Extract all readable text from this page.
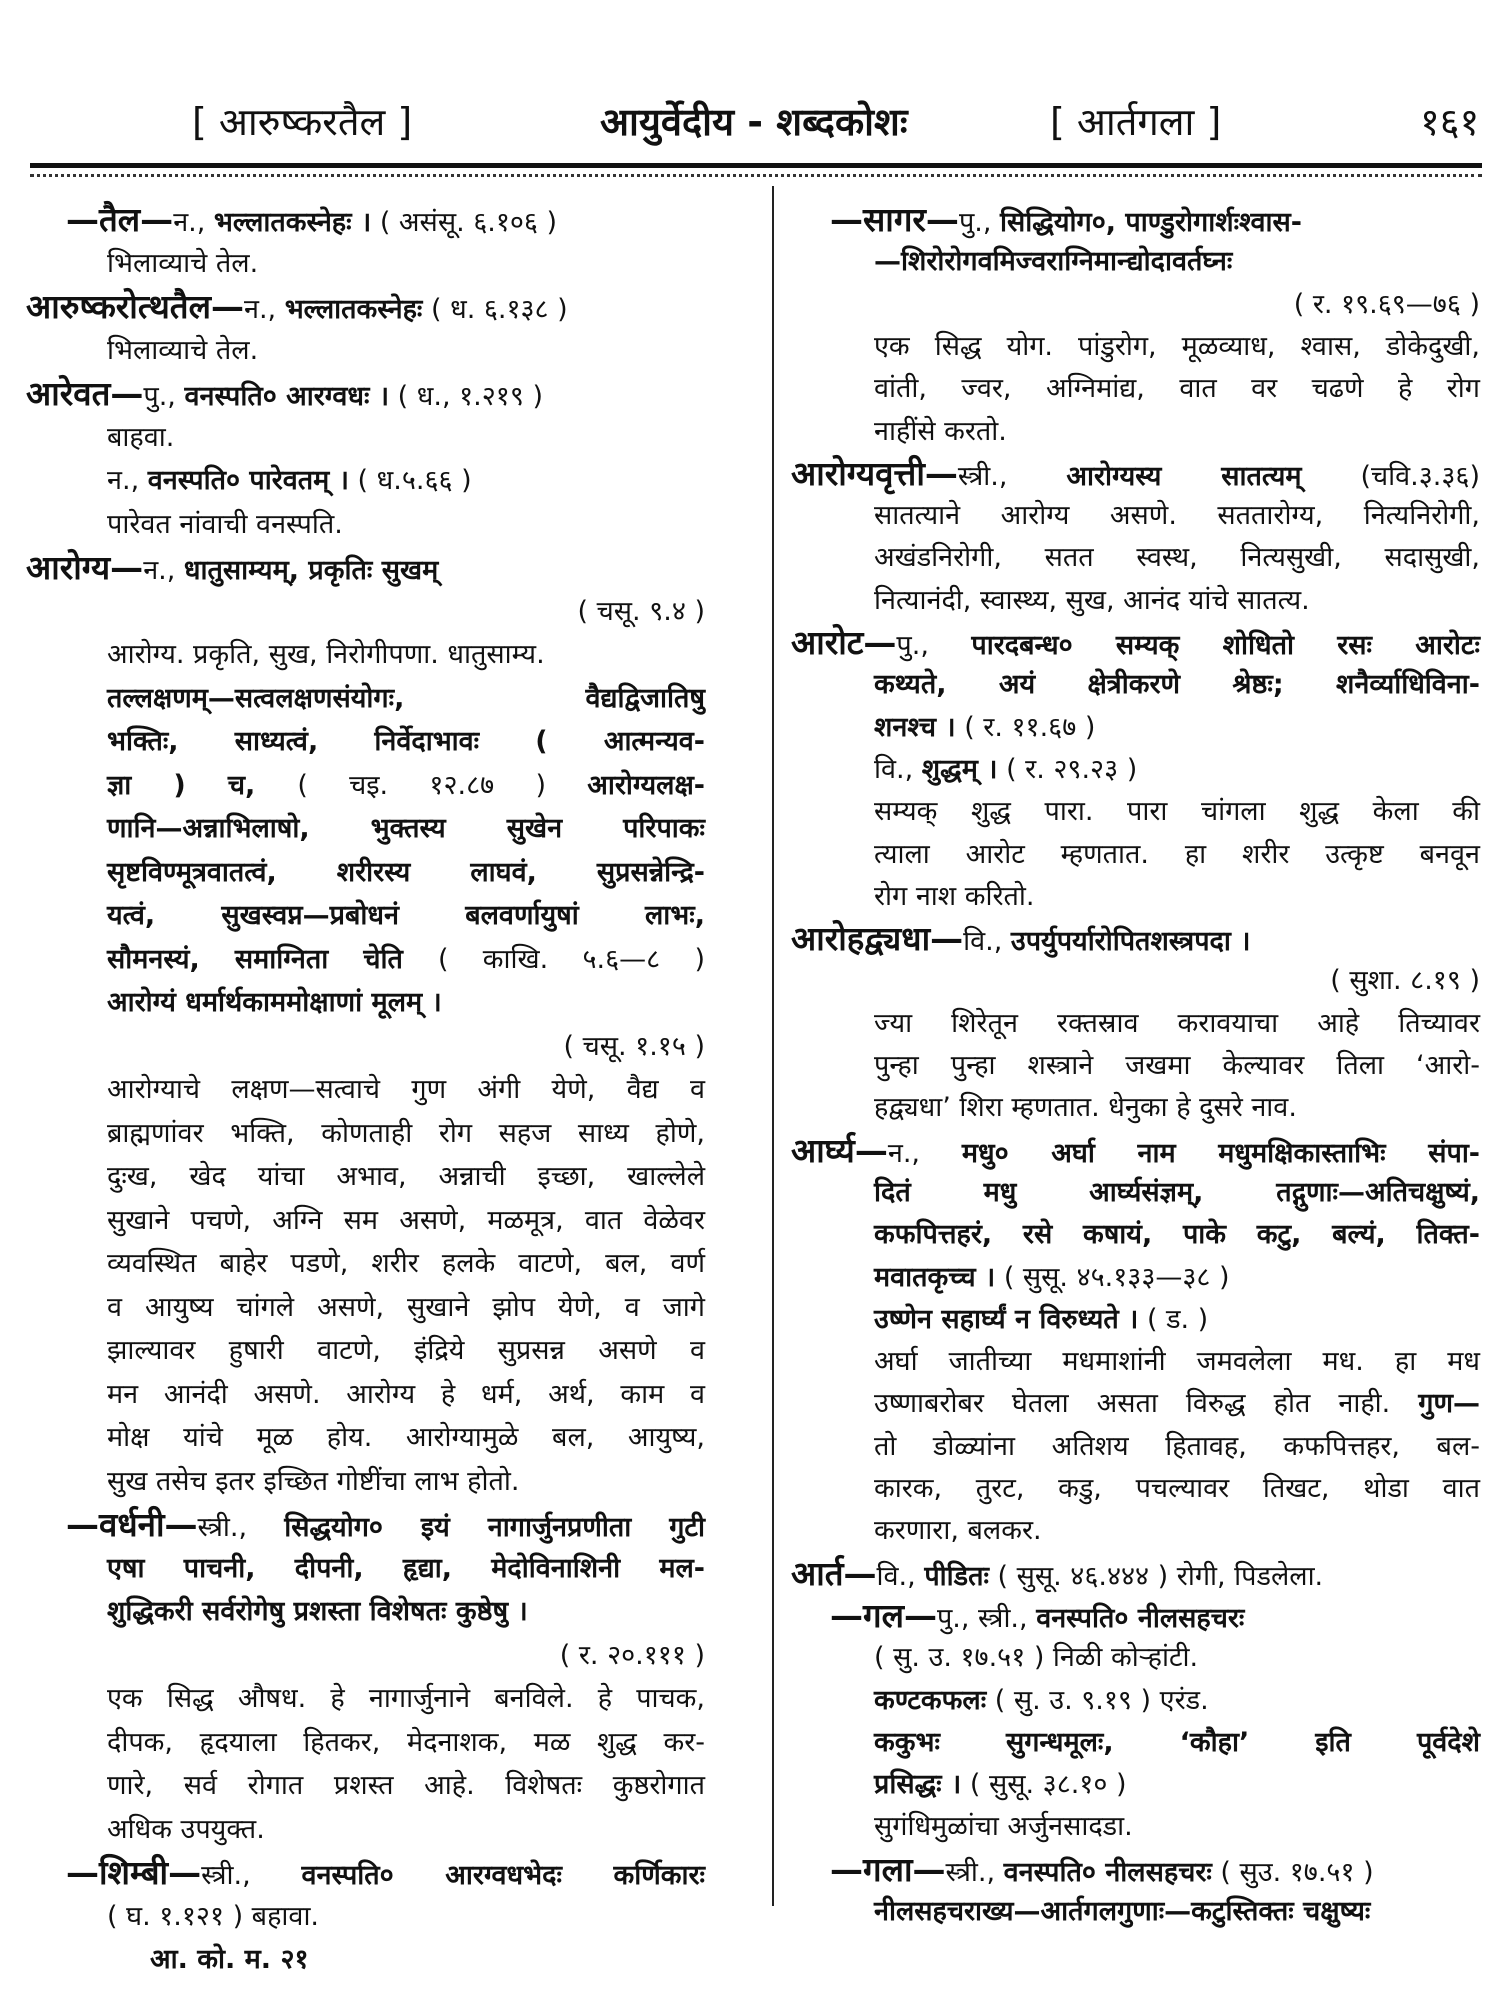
[ आरुष्करतैल ]	आयुर्वेदीय - शब्दकोशः	[ आर्तगला ]	१६१
—तैल—न., भल्लातकस्नेहः । ( असंसू. ६.१०६ )
भिलाव्याचे तेल.
आरुष्करोत्थतैल—न., भल्लातकस्नेहः ( ध. ६.१३८ )
भिलाव्याचे तेल.
आरेवत—पु., वनस्पति० आरग्वधः । ( ध., १.२१९ )
बाहवा.
न., वनस्पति० पारेवतम् । ( ध.५.६६ )
पारेवत नांवाची वनस्पति.
आरोग्य—न., धातुसाम्यम्, प्रकृतिः सुखम्
( चसू. ९.४ )
आरोग्य. प्रकृति, सुख, निरोगीपणा. धातुसाम्य.
तल्लक्षणम्—सत्वलक्षणसंयोगः, वैद्यद्विजातिषु
भक्तिः, साध्यत्वं, निर्वेदाभावः ( आत्मन्यव-
ज्ञा ) च, ( चइ. १२.८७ ) आरोग्यलक्ष-
णानि—अन्नाभिलाषो, भुक्तस्य सुखेन परिपाकः
सृष्टविण्मूत्रवातत्वं, शरीरस्य लाघवं, सुप्रसन्नेन्द्रि-
यत्वं, सुखस्वप्न—प्रबोधनं बलवर्णायुषां लाभः,
सौमनस्यं, समाग्निता चेति ( काखि. ५.६—८ )
आरोग्यं धर्मार्थकाममोक्षाणां मूलम् ।
( चसू. १.१५ )
आरोग्याचे लक्षण—सत्वाचे गुण अंगी येणे, वैद्य व
ब्राह्मणांवर भक्ति, कोणताही रोग सहज साध्य होणे,
दुःख, खेद यांचा अभाव, अन्नाची इच्छा, खाल्लेले
सुखाने पचणे, अग्नि सम असणे, मळमूत्र, वात वेळेवर
व्यवस्थित बाहेर पडणे, शरीर हलके वाटणे, बल, वर्ण
व आयुष्य चांगले असणे, सुखाने झोप येणे, व जागे
झाल्यावर हुषारी वाटणे, इंद्रिये सुप्रसन्न असणे व
मन आनंदी असणे. आरोग्य हे धर्म, अर्थ, काम व
मोक्ष यांचे मूळ होय. आरोग्यामुळे बल, आयुष्य,
सुख तसेच इतर इच्छित गोष्टींचा लाभ होतो.
—वर्धनी—स्त्री., सिद्धयोग० इयं नागार्जुनप्रणीता गुटी
एषा पाचनी, दीपनी, हृद्या, मेदोविनाशिनी मल-
शुद्धिकरी सर्वरोगेषु प्रशस्ता विशेषतः कुष्ठेषु ।
( र. २०.१११ )
एक सिद्ध औषध. हे नागार्जुनाने बनविले. हे पाचक,
दीपक, हृदयाला हितकर, मेदनाशक, मळ शुद्ध कर-
णारे, सर्व रोगात प्रशस्त आहे. विशेषतः कुष्ठरोगात
अधिक उपयुक्त.
—शिम्बी—स्त्री., वनस्पति० आरग्वधभेदः कर्णिकारः
( घ. १.१२१ ) बहावा.
आ. को. म. २१
—सागर—पु., सिद्धियोग०, पाण्डुरोगार्शःश्वास-
—शिरोरोगवमिज्वराग्निमान्द्योदावर्तघ्नः
( र. १९.६९—७६ )
एक सिद्ध योग. पांडुरोग, मूळव्याध, श्वास, डोकेदुखी,
वांती, ज्वर, अग्निमांद्य, वात वर चढणे हे रोग
नाहींसे करतो.
आरोग्यवृत्ती—स्त्री., आरोग्यस्य सातत्यम् (चवि.३.३६)
सातत्याने आरोग्य असणे. सततारोग्य, नित्यनिरोगी,
अखंडनिरोगी, सतत स्वस्थ, नित्यसुखी, सदासुखी,
नित्यानंदी, स्वास्थ्य, सुख, आनंद यांचे सातत्य.
आरोट—पु., पारदबन्ध० सम्यक् शोधितो रसः आरोटः
कथ्यते, अयं क्षेत्रीकरणे श्रेष्ठः; शनैर्व्याधिविना-
शनश्च । ( र. ११.६७ )
वि., शुद्धम् । ( र. २९.२३ )
सम्यक् शुद्ध पारा. पारा चांगला शुद्ध केला की
त्याला आरोट म्हणतात. हा शरीर उत्कृष्ट बनवून
रोग नाश करितो.
आरोहद्व्यधा—वि., उपर्युपर्यारोपितशस्त्रपदा ।
( सुशा. ८.१९ )
ज्या शिरेतून रक्तस्राव करावयाचा आहे तिच्यावर
पुन्हा पुन्हा शस्त्राने जखमा केल्यावर तिला ‘आरो-
हद्व्यधा’ शिरा म्हणतात. धेनुका हे दुसरे नाव.
आर्घ्य—न., मधु० अर्घा नाम मधुमक्षिकास्ताभिः संपा-
दितं मधु आर्घ्यसंज्ञम्, तद्गुणाः—अतिचक्षुष्यं,
कफपित्तहरं, रसे कषायं, पाके कटु, बल्यं, तिक्त-
मवातकृच्च । ( सुसू. ४५.१३३—३८ )
उष्णेन सहार्घ्यं न विरुध्यते । ( ड. )
अर्घा जातीच्या मधमाशांनी जमवलेला मध. हा मध
उष्णाबरोबर घेतला असता विरुद्ध होत नाही. गुण—
तो डोळ्यांना अतिशय हितावह, कफपित्तहर, बल-
कारक, तुरट, कडु, पचल्यावर तिखट, थोडा वात
करणारा, बलकर.
आर्त—वि., पीडितः ( सुसू. ४६.४४४ ) रोगी, पिडलेला.
—गल—पु., स्त्री., वनस्पति० नीलसहचरः
( सु. उ. १७.५१ ) निळी कोऱ्हांटी.
कण्टकफलः ( सु. उ. ९.१९ ) एरंड.
ककुभः सुगन्धमूलः, ‘कौहा’ इति पूर्वदेशे
प्रसिद्धः । ( सुसू. ३८.१० )
सुगंधिमुळांचा अर्जुनसादडा.
—गला—स्त्री., वनस्पति० नीलसहचरः ( सुउ. १७.५१ )
नीलसहचराख्य—आर्तगलगुणाः—कटुस्तिक्तः चक्षुष्यः
